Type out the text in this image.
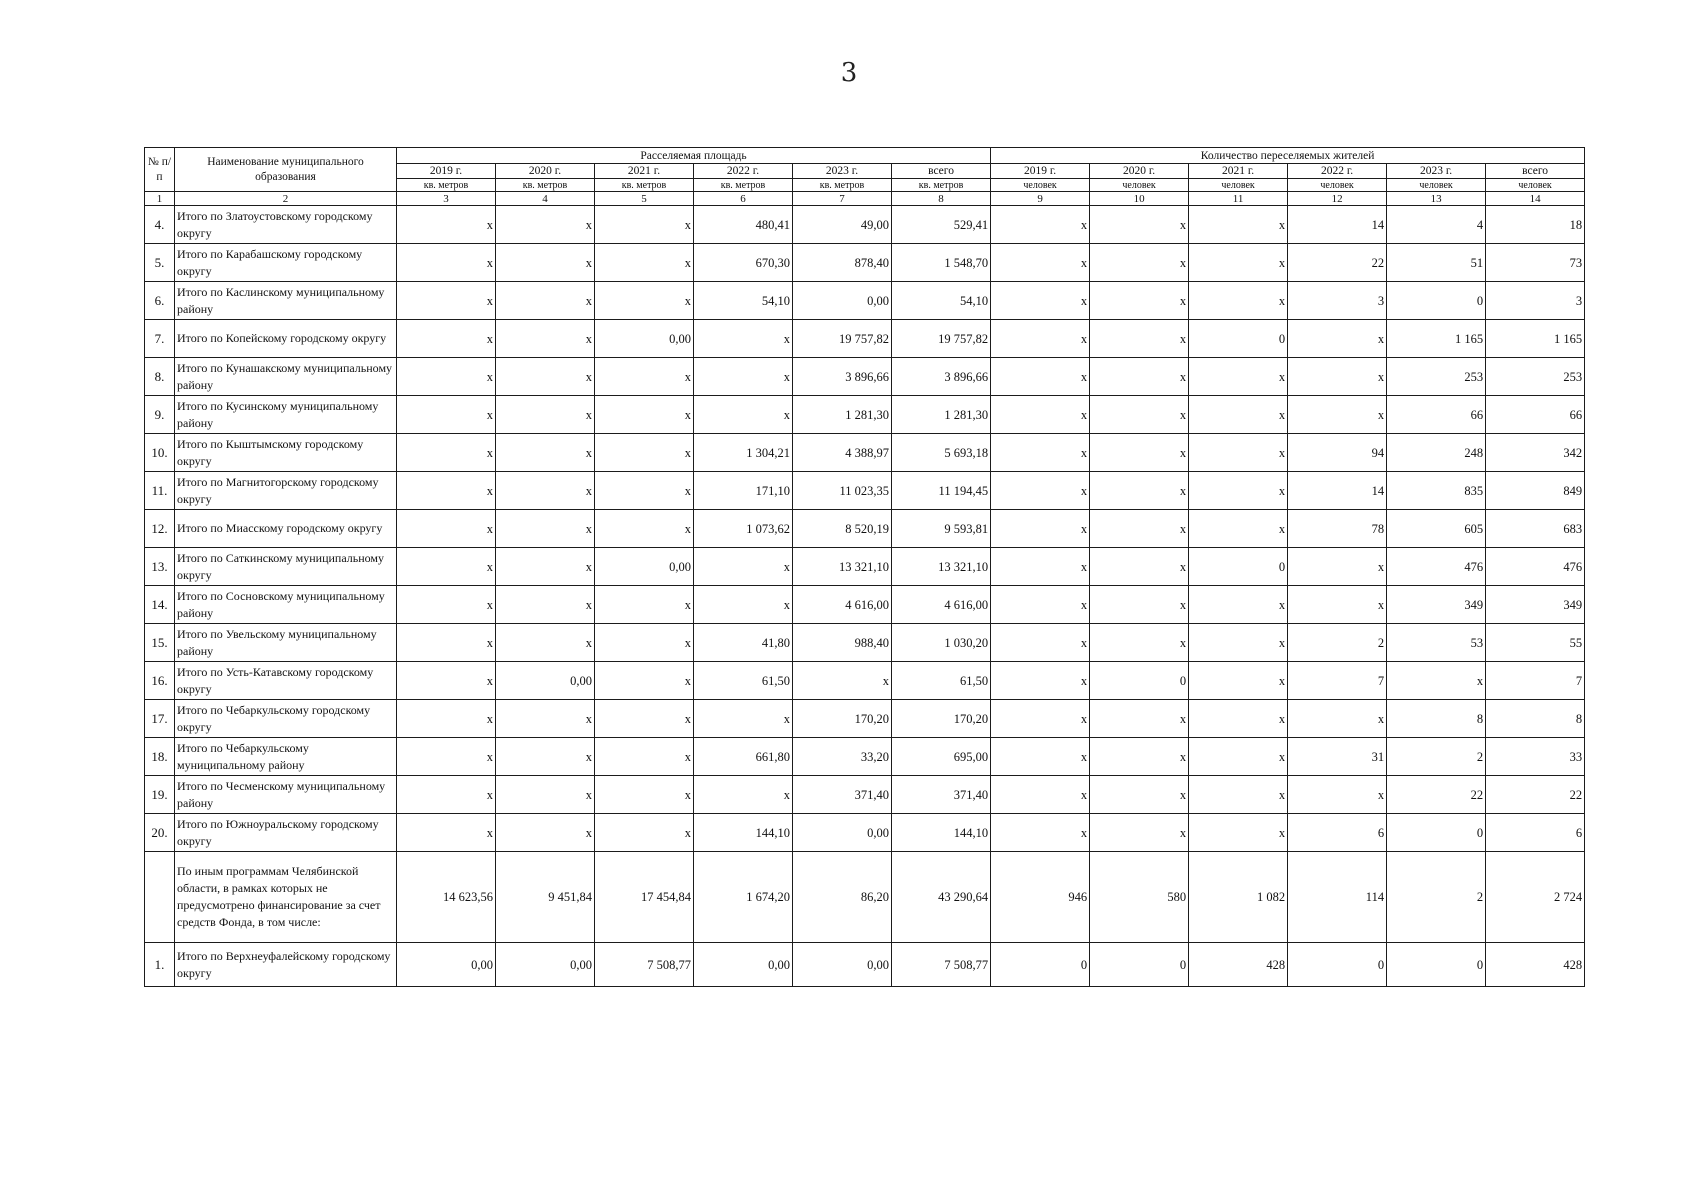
3
№ п/п	Наименование муниципального образования	Расселяемая площадь						Количество переселяемых жителей					
		2019 г.	2020 г.	2021 г.	2022 г.	2023 г.	всего	2019 г.	2020 г.	2021 г.	2022 г.	2023 г.	всего
		кв. метров	кв. метров	кв. метров	кв. метров	кв. метров	кв. метров	человек	человек	человек	человек	человек	человек
1	2	3	4	5	6	7	8	9	10	11	12	13	14
4.	Итого по Златоустовскому городскому округу	x	x	x	480,41	49,00	529,41	x	x	x	14	4	18
5.	Итого по Карабашскому городскому округу	x	x	x	670,30	878,40	1 548,70	x	x	x	22	51	73
6.	Итого по Каслинскому муниципальному району	x	x	x	54,10	0,00	54,10	x	x	x	3	0	3
7.	Итого по Копейскому городскому округу	x	x	0,00	x	19 757,82	19 757,82	x	x	0	x	1 165	1 165
8.	Итого по Кунашакскому муниципальному району	x	x	x	x	3 896,66	3 896,66	x	x	x	x	253	253
9.	Итого по Кусинскому муниципальному району	x	x	x	x	1 281,30	1 281,30	x	x	x	x	66	66
10.	Итого по Кыштымскому городскому округу	x	x	x	1 304,21	4 388,97	5 693,18	x	x	x	94	248	342
11.	Итого по Магнитогорскому городскому округу	x	x	x	171,10	11 023,35	11 194,45	x	x	x	14	835	849
12.	Итого по Миасскому городскому округу	x	x	x	1 073,62	8 520,19	9 593,81	x	x	x	78	605	683
13.	Итого по Саткинскому муниципальному округу	x	x	0,00	x	13 321,10	13 321,10	x	x	0	x	476	476
14.	Итого по Сосновскому муниципальному району	x	x	x	x	4 616,00	4 616,00	x	x	x	x	349	349
15.	Итого по Увельскому муниципальному району	x	x	x	41,80	988,40	1 030,20	x	x	x	2	53	55
16.	Итого по Усть-Катавскому городскому округу	x	0,00	x	61,50	x	61,50	x	0	x	7	x	7
17.	Итого по Чебаркульскому городскому округу	x	x	x	x	170,20	170,20	x	x	x	x	8	8
18.	Итого по Чебаркульскому муниципальному району	x	x	x	661,80	33,20	695,00	x	x	x	31	2	33
19.	Итого по Чесменскому муниципальному району	x	x	x	x	371,40	371,40	x	x	x	x	22	22
20.	Итого по Южноуральскому городскому округу	x	x	x	144,10	0,00	144,10	x	x	x	6	0	6
	По иным программам Челябинской области, в рамках которых не предусмотрено финансирование за счет средств Фонда, в том числе:	14 623,56	9 451,84	17 454,84	1 674,20	86,20	43 290,64	946	580	1 082	114	2	2 724
1.	Итого по Верхнеуфалейскому городскому округу	0,00	0,00	7 508,77	0,00	0,00	7 508,77	0	0	428	0	0	428
